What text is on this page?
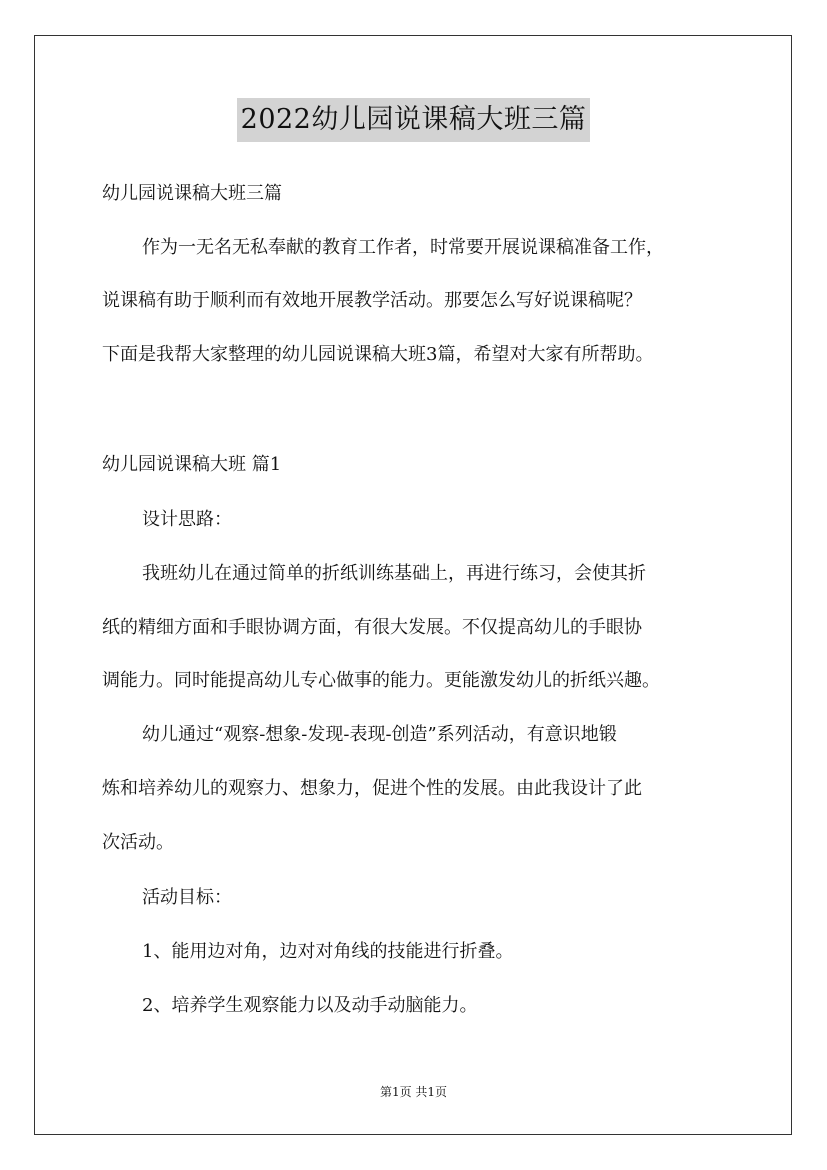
2022幼儿园说课稿大班三篇
幼儿园说课稿大班三篇
作为一无名无私奉献的教育工作者，时常要开展说课稿准备工作，
说课稿有助于顺利而有效地开展教学活动。那要怎么写好说课稿呢？
下面是我帮大家整理的幼儿园说课稿大班3篇，希望对大家有所帮助。
幼儿园说课稿大班 篇1
设计思路：
我班幼儿在通过简单的折纸训练基础上，再进行练习，会使其折
纸的精细方面和手眼协调方面，有很大发展。不仅提高幼儿的手眼协
调能力。同时能提高幼儿专心做事的能力。更能激发幼儿的折纸兴趣。
幼儿通过“观察-想象-发现-表现-创造”系列活动，有意识地锻
炼和培养幼儿的观察力、想象力，促进个性的发展。由此我设计了此
次活动。
活动目标：
1、能用边对角，边对对角线的技能进行折叠。
2、培养学生观察能力以及动手动脑能力。
第1页 共1页
